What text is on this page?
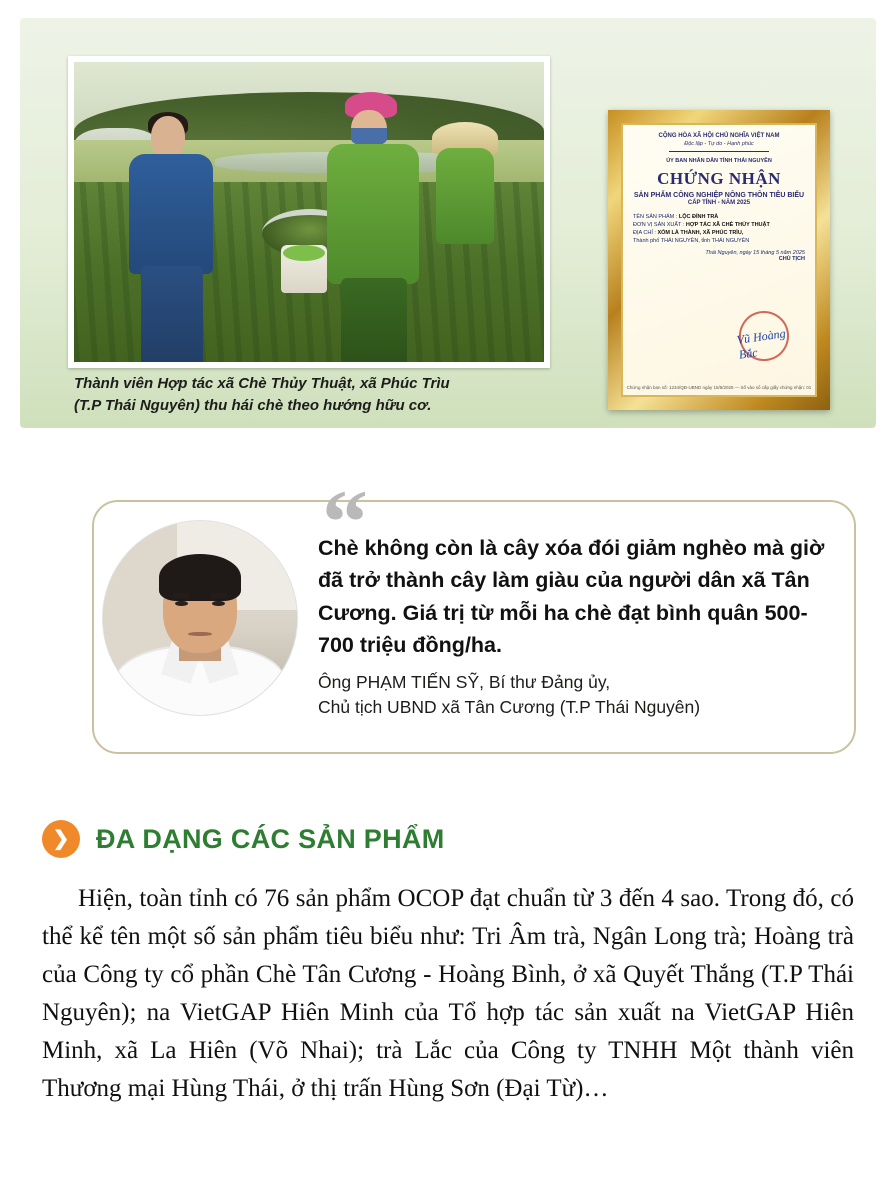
Thành viên Hợp tác xã Chè Thủy Thuật, xã Phúc Trìu
(T.P Thái Nguyên) thu hái chè theo hướng hữu cơ.
CỘNG HÒA XÃ HỘI CHỦ NGHĨA VIỆT NAM
Độc lập - Tự do - Hạnh phúc
ỦY BAN NHÂN DÂN TỈNH THÁI NGUYÊN
CHỨNG NHẬN
SẢN PHẨM CÔNG NGHIỆP NÔNG THÔN TIÊU BIỂU
CẤP TỈNH - NĂM 2025
TÊN SẢN PHẨM : LỘC ĐỈNH TRÀ
ĐƠN VỊ SẢN XUẤT : HỢP TÁC XÃ CHÈ THỦY THUẬT
ĐỊA CHỈ : XÓM LÀ THÀNH, XÃ PHÚC TRÌU,
Thành phố THÁI NGUYÊN, tỉnh THÁI NGUYÊN
Thái Nguyên, ngày 15 tháng 5 năm 2025
CHỦ TỊCH
Vũ Hoàng Bắc
Chứng nhận ban số: 1234/QĐ-UBND ngày 15/5/2025 — Số vào sổ cấp giấy chứng nhận: 01
“
Chè không còn là cây xóa đói giảm nghèo mà giờ đã trở thành cây làm giàu của người dân xã Tân Cương. Giá trị từ mỗi ha chè đạt bình quân 500-700 triệu đồng/ha.
Ông PHẠM TIẾN SỸ, Bí thư Đảng ủy,
Chủ tịch UBND xã Tân Cương (T.P Thái Nguyên)
❯ ĐA DẠNG CÁC SẢN PHẨM
Hiện, toàn tỉnh có 76 sản phẩm OCOP đạt chuẩn từ 3 đến 4 sao. Trong đó, có thể kể tên một số sản phẩm tiêu biểu như: Tri Âm trà, Ngân Long trà; Hoàng trà của Công ty cổ phần Chè Tân Cương - Hoàng Bình, ở xã Quyết Thắng (T.P Thái Nguyên); na VietGAP Hiên Minh của Tổ hợp tác sản xuất na VietGAP Hiên Minh, xã La Hiên (Võ Nhai); trà Lắc của Công ty TNHH Một thành viên Thương mại Hùng Thái, ở thị trấn Hùng Sơn (Đại Từ)…
